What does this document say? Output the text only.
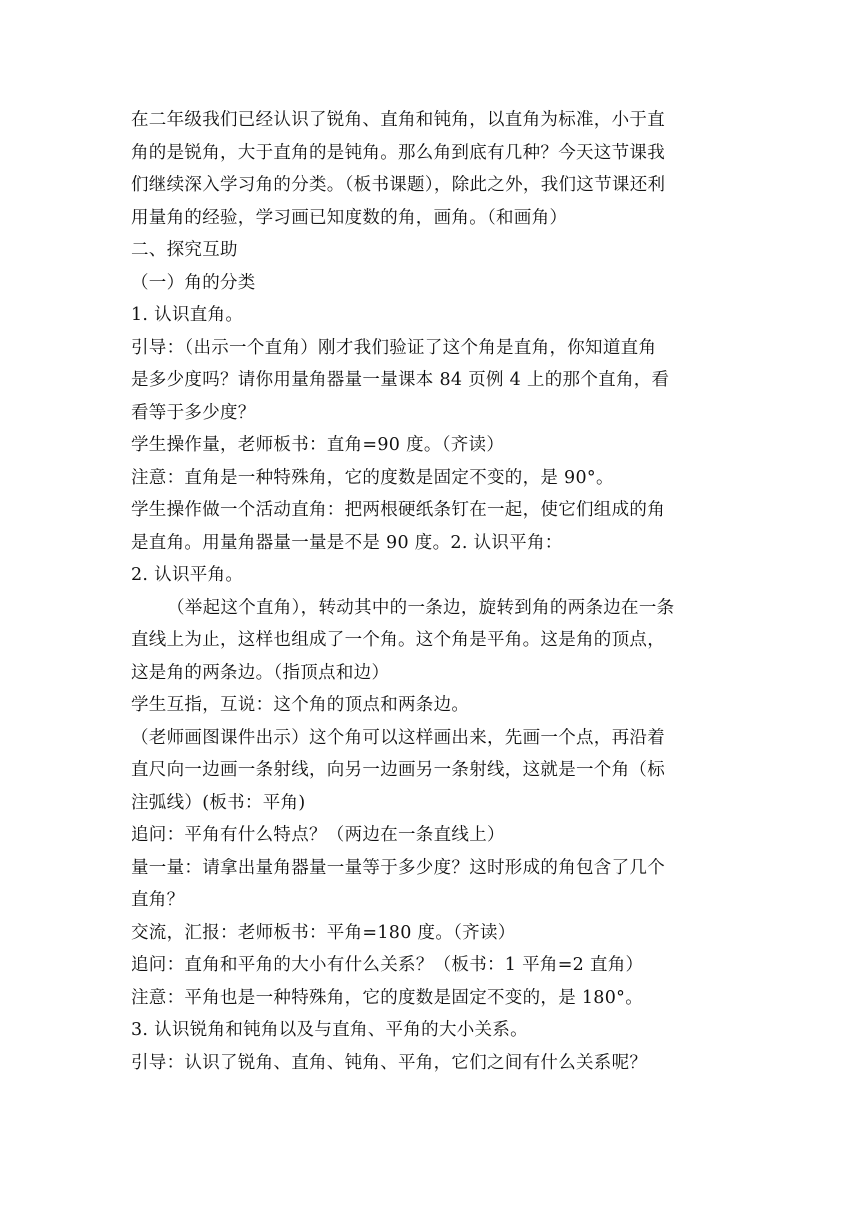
在二年级我们已经认识了锐角、直角和钝角，以直角为标准，小于直
角的是锐角，大于直角的是钝角。那么角到底有几种？今天这节课我
们继续深入学习角的分类。（板书课题），除此之外，我们这节课还利
用量角的经验，学习画已知度数的角，画角。（和画角）
二、探究互助
（一）角的分类
1. 认识直角。
引导：（出示一个直角）刚才我们验证了这个角是直角，你知道直角
是多少度吗？请你用量角器量一量课本 84 页例 4 上的那个直角，看
看等于多少度？
学生操作量，老师板书：直角=90 度。（齐读）
注意：直角是一种特殊角，它的度数是固定不变的，是 90°。
学生操作做一个活动直角：把两根硬纸条钉在一起，使它们组成的角
是直角。用量角器量一量是不是 90 度。2. 认识平角：
2. 认识平角。
（举起这个直角），转动其中的一条边，旋转到角的两条边在一条
直线上为止，这样也组成了一个角。这个角是平角。这是角的顶点，
这是角的两条边。（指顶点和边）
学生互指，互说：这个角的顶点和两条边。
（老师画图课件出示）这个角可以这样画出来，先画一个点，再沿着
直尺向一边画一条射线，向另一边画另一条射线，这就是一个角（标
注弧线）(板书：平角)
追问：平角有什么特点？（两边在一条直线上）
量一量：请拿出量角器量一量等于多少度？这时形成的角包含了几个
直角？
交流，汇报：老师板书：平角=180 度。（齐读）
追问：直角和平角的大小有什么关系？（板书：1 平角=2 直角）
注意：平角也是一种特殊角，它的度数是固定不变的，是 180°。
3. 认识锐角和钝角以及与直角、平角的大小关系。
引导：认识了锐角、直角、钝角、平角，它们之间有什么关系呢？
